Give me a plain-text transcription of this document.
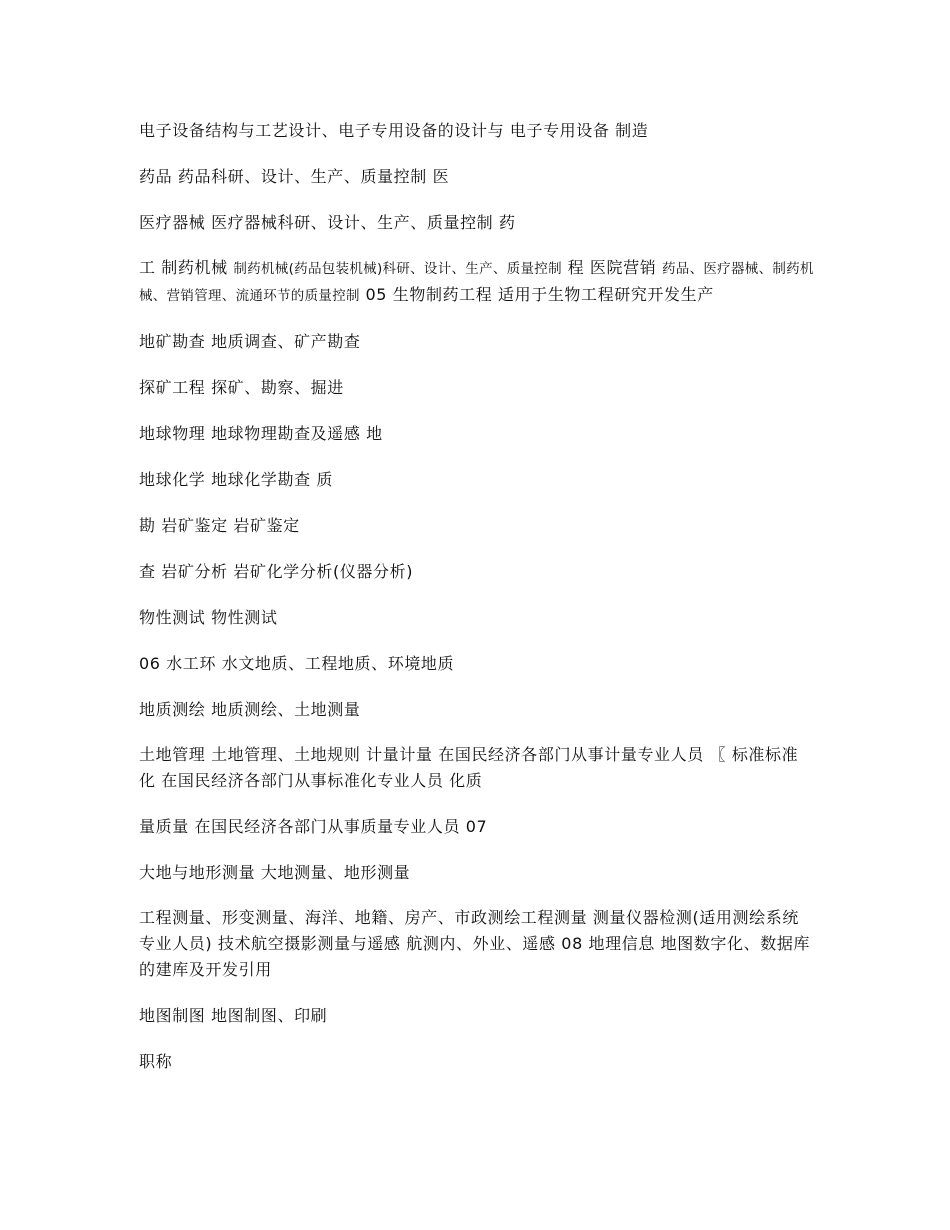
电子设备结构与工艺设计、电子专用设备的设计与 电子专用设备 制造

药品 药品科研、设计、生产、质量控制 医

医疗器械 医疗器械科研、设计、生产、质量控制 药

工 制药机械 制药机械(药品包装机械)科研、设计、生产、质量控制 程 医院营销 药品、医疗器械、制药机械、营销管理、流通环节的质量控制 05 生物制药工程 适用于生物工程研究开发生产

地矿勘查 地质调查、矿产勘查

探矿工程 探矿、勘察、掘进

地球物理 地球物理勘查及遥感 地

地球化学 地球化学勘查 质

勘 岩矿鉴定 岩矿鉴定

查 岩矿分析 岩矿化学分析(仪器分析)

物性测试 物性测试

06 水工环 水文地质、工程地质、环境地质

地质测绘 地质测绘、土地测量

土地管理 土地管理、土地规则 计量计量 在国民经济各部门从事计量专业人员 〖 标准标准化 在国民经济各部门从事标准化专业人员 化质

量质量 在国民经济各部门从事质量专业人员 07

大地与地形测量 大地测量、地形测量

工程测量、形变测量、海洋、地籍、房产、市政测绘工程测量 测量仪器检测(适用测绘系统专业人员) 技术航空摄影测量与遥感 航测内、外业、遥感 08 地理信息 地图数字化、数据库的建库及开发引用

地图制图 地图制图、印刷

职称
